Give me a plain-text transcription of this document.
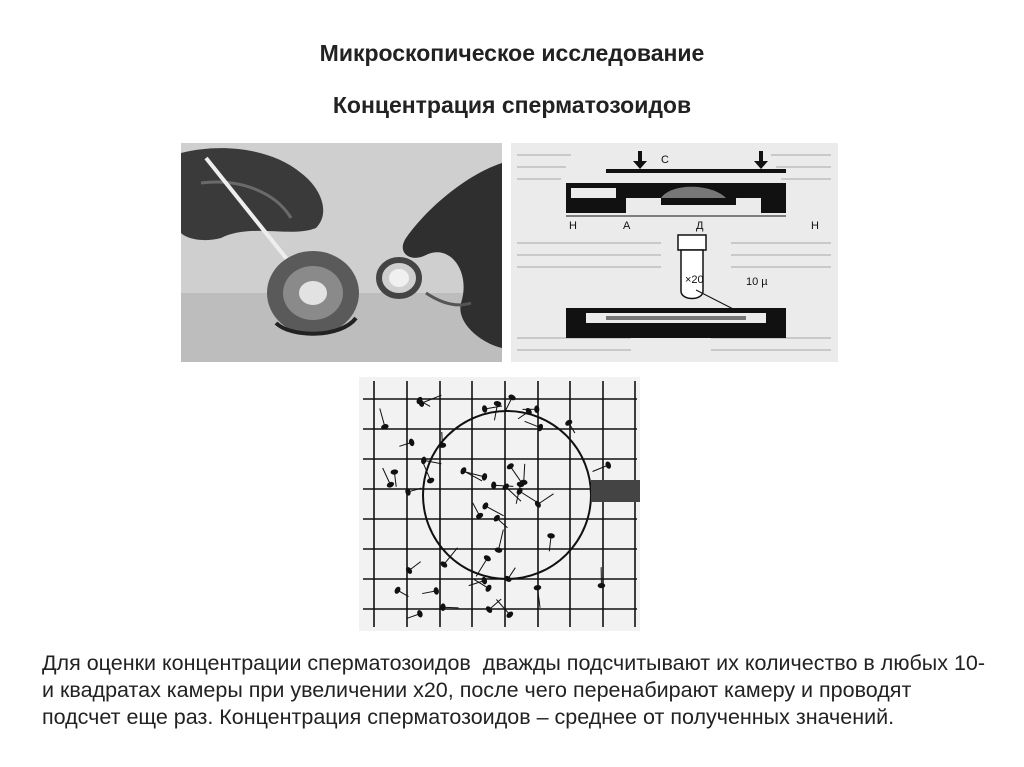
Микроскопическое исследование
Концентрация сперматозоидов
C
S	S
H	A	Д	H
×20	10 µ
Для оценки концентрации сперматозоидов  дважды подсчитывают их количество в любых 10-и квадратах камеры при увеличении x20, после чего перенабирают камеру и проводят подсчет еще раз. Концентрация сперматозоидов – среднее от полученных значений.
